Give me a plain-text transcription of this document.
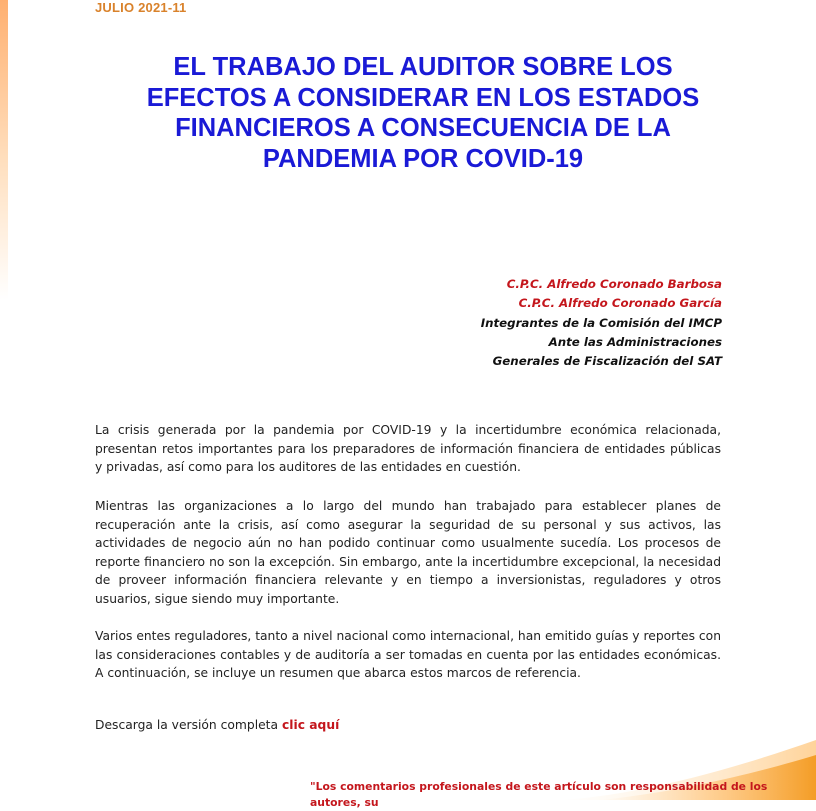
JULIO 2021-11
EL TRABAJO DEL AUDITOR SOBRE LOS
EFECTOS A CONSIDERAR EN LOS ESTADOS
FINANCIEROS A CONSECUENCIA DE LA
PANDEMIA POR COVID-19
C.P.C. Alfredo Coronado Barbosa
C.P.C. Alfredo Coronado García
Integrantes de la Comisión del IMCP
Ante las Administraciones
Generales de Fiscalización del SAT

La crisis generada por la pandemia por COVID-19 y la incertidumbre económica relacionada, presentan retos importantes para los preparadores de información financiera de entidades públicas y privadas, así como para los auditores de las entidades en cuestión.

Mientras las organizaciones a lo largo del mundo han trabajado para establecer planes de recuperación ante la crisis, así como asegurar la seguridad de su personal y sus activos, las actividades de negocio aún no han podido continuar como usualmente sucedía. Los procesos de reporte financiero no son la excepción. Sin embargo, ante la incertidumbre excepcional, la necesidad de proveer información financiera relevante y en tiempo a inversionistas, reguladores y otros usuarios, sigue siendo muy importante.

Varios entes reguladores, tanto a nivel nacional como internacional, han emitido guías y reportes con las consideraciones contables y de auditoría a ser tomadas en cuenta por las entidades económicas. A continuación, se incluye un resumen que abarca estos marcos de referencia.

Descarga la versión completa clic aquí
"Los comentarios profesionales de este artículo son responsabilidad de los autores, su
